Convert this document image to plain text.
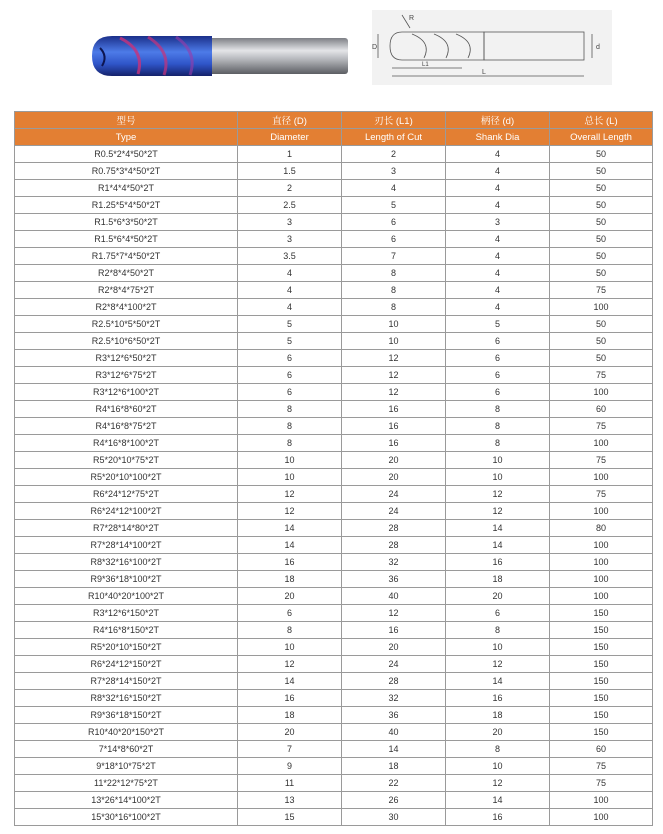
R
D	d
L1
L
型号	直径 (D)	刃长 (L1)	柄径 (d)	总长 (L)
Type	Diameter	Length of Cut	Shank Dia	Overall Length
R0.5*2*4*50*2T	1	2	4	50
R0.75*3*4*50*2T	1.5	3	4	50
R1*4*4*50*2T	2	4	4	50
R1.25*5*4*50*2T	2.5	5	4	50
R1.5*6*3*50*2T	3	6	3	50
R1.5*6*4*50*2T	3	6	4	50
R1.75*7*4*50*2T	3.5	7	4	50
R2*8*4*50*2T	4	8	4	50
R2*8*4*75*2T	4	8	4	75
R2*8*4*100*2T	4	8	4	100
R2.5*10*5*50*2T	5	10	5	50
R2.5*10*6*50*2T	5	10	6	50
R3*12*6*50*2T	6	12	6	50
R3*12*6*75*2T	6	12	6	75
R3*12*6*100*2T	6	12	6	100
R4*16*8*60*2T	8	16	8	60
R4*16*8*75*2T	8	16	8	75
R4*16*8*100*2T	8	16	8	100
R5*20*10*75*2T	10	20	10	75
R5*20*10*100*2T	10	20	10	100
R6*24*12*75*2T	12	24	12	75
R6*24*12*100*2T	12	24	12	100
R7*28*14*80*2T	14	28	14	80
R7*28*14*100*2T	14	28	14	100
R8*32*16*100*2T	16	32	16	100
R9*36*18*100*2T	18	36	18	100
R10*40*20*100*2T	20	40	20	100
R3*12*6*150*2T	6	12	6	150
R4*16*8*150*2T	8	16	8	150
R5*20*10*150*2T	10	20	10	150
R6*24*12*150*2T	12	24	12	150
R7*28*14*150*2T	14	28	14	150
R8*32*16*150*2T	16	32	16	150
R9*36*18*150*2T	18	36	18	150
R10*40*20*150*2T	20	40	20	150
7*14*8*60*2T	7	14	8	60
9*18*10*75*2T	9	18	10	75
11*22*12*75*2T	11	22	12	75
13*26*14*100*2T	13	26	14	100
15*30*16*100*2T	15	30	16	100
